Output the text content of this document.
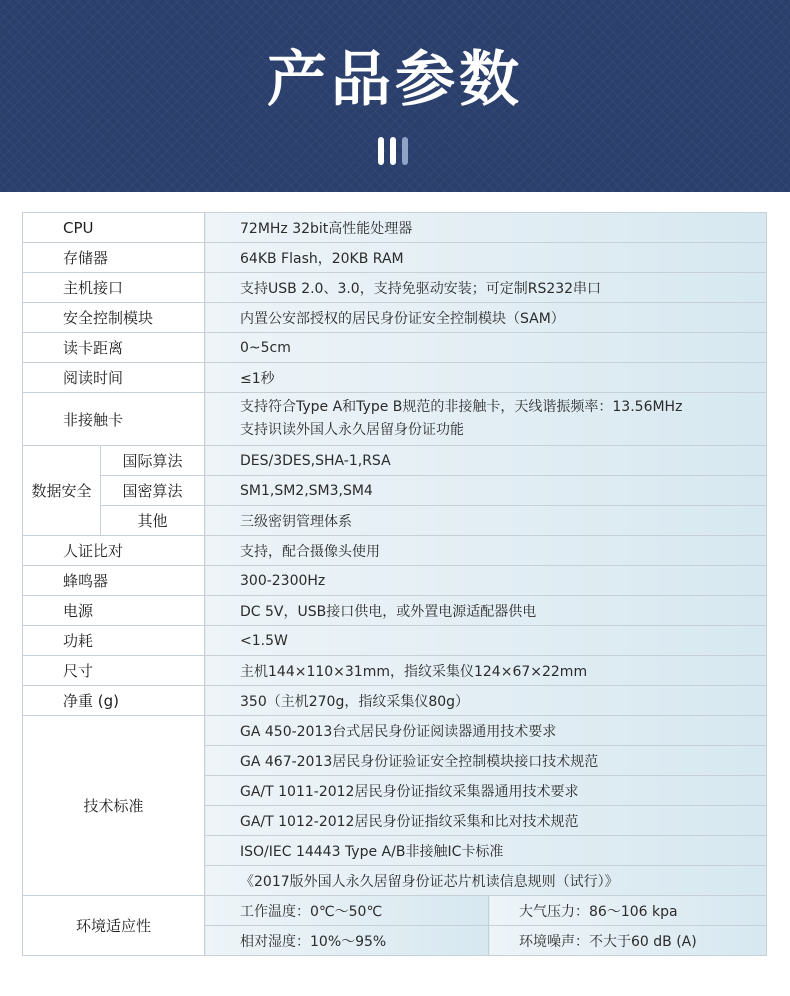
产品参数
CPU		72MHz 32bit高性能处理器	
存储器		64KB Flash，20KB RAM	
主机接口		支持USB 2.0、3.0，支持免驱动安装；可定制RS232串口	
安全控制模块		内置公安部授权的居民身份证安全控制模块（SAM）	
读卡距离		0~5cm	
阅读时间		≤1秒	
非接触卡		支持符合Type A和Type B规范的非接触卡，天线谐振频率：13.56MHz
支持识读外国人永久居留身份证功能	

数据安全	国际算法	DES/3DES,SHA-1,RSA	
	国密算法	SM1,SM2,SM3,SM4	
	其他	三级密钥管理体系	
人证比对		支持，配合摄像头使用	
蜂鸣器		300-2300Hz	
电源		DC 5V，USB接口供电，或外置电源适配器供电	
功耗		<1.5W	
尺寸		主机144×110×31mm，指纹采集仪124×67×22mm	
净重 (g)		350（主机270g，指纹采集仪80g）	
技术标准		GA 450-2013台式居民身份证阅读器通用技术要求	
		GA 467-2013居民身份证验证安全控制模块接口技术规范	
		GA/T 1011-2012居民身份证指纹采集器通用技术要求	
		GA/T 1012-2012居民身份证指纹采集和比对技术规范	
		ISO/IEC 14443 Type A/B非接触IC卡标准	
		《2017版外国人永久居留身份证芯片机读信息规则（试行）》	
环境适应性		工作温度：0℃～50℃	大气压力：86～106 kpa
		相对湿度：10%～95%	环境噪声：不大于60 dB (A)
